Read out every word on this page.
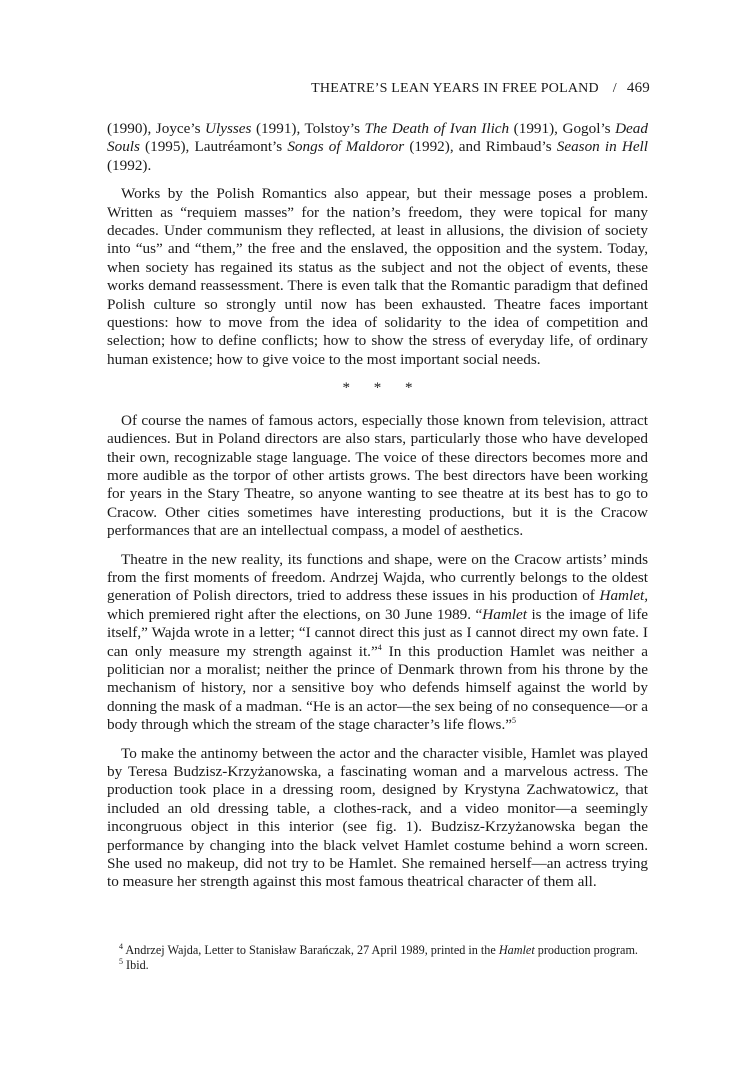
THEATRE’S LEAN YEARS IN FREE POLAND / 469

(1990), Joyce’s Ulysses (1991), Tolstoy’s The Death of Ivan Ilich (1991), Gogol’s Dead Souls (1995), Lautréamont’s Songs of Maldoror (1992), and Rimbaud’s Season in Hell (1992).

Works by the Polish Romantics also appear, but their message poses a problem. Written as “requiem masses” for the nation’s freedom, they were topical for many decades. Under communism they reflected, at least in allusions, the division of society into “us” and “them,” the free and the enslaved, the opposition and the system. Today, when society has regained its status as the subject and not the object of events, these works demand reassessment. There is even talk that the Romantic paradigm that defined Polish culture so strongly until now has been exhausted. Theatre faces important questions: how to move from the idea of solidarity to the idea of competition and selection; how to define conflicts; how to show the stress of everyday life, of ordinary human existence; how to give voice to the most important social needs.

* * *

Of course the names of famous actors, especially those known from television, attract audiences. But in Poland directors are also stars, particularly those who have developed their own, recognizable stage language. The voice of these directors becomes more and more audible as the torpor of other artists grows. The best directors have been working for years in the Stary Theatre, so anyone wanting to see theatre at its best has to go to Cracow. Other cities sometimes have interesting productions, but it is the Cracow performances that are an intellectual compass, a model of aesthetics.

Theatre in the new reality, its functions and shape, were on the Cracow artists’ minds from the first moments of freedom. Andrzej Wajda, who currently belongs to the oldest generation of Polish directors, tried to address these issues in his production of Hamlet, which premiered right after the elections, on 30 June 1989. “Hamlet is the image of life itself,” Wajda wrote in a letter; “I cannot direct this just as I cannot direct my own fate. I can only measure my strength against it.”$^4$ In this production Hamlet was neither a politician nor a moralist; neither the prince of Denmark thrown from his throne by the mechanism of history, nor a sensitive boy who defends himself against the world by donning the mask of a madman. “He is an actor—the sex being of no consequence—or a body through which the stream of the stage character’s life flows.”$^5$

To make the antinomy between the actor and the character visible, Hamlet was played by Teresa Budzisz-Krzyżanowska, a fascinating woman and a marvelous actress. The production took place in a dressing room, designed by Krystyna Zachwatowicz, that included an old dressing table, a clothes-rack, and a video monitor—a seemingly incongruous object in this interior (see fig. 1). Budzisz-Krzyżanowska began the performance by changing into the black velvet Hamlet costume behind a worn screen. She used no makeup, did not try to be Hamlet. She remained herself—an actress trying to measure her strength against this most famous theatrical character of them all.

$^4$ Andrzej Wajda, Letter to Stanisław Barańczak, 27 April 1989, printed in the Hamlet production program.

$^5$ Ibid.
